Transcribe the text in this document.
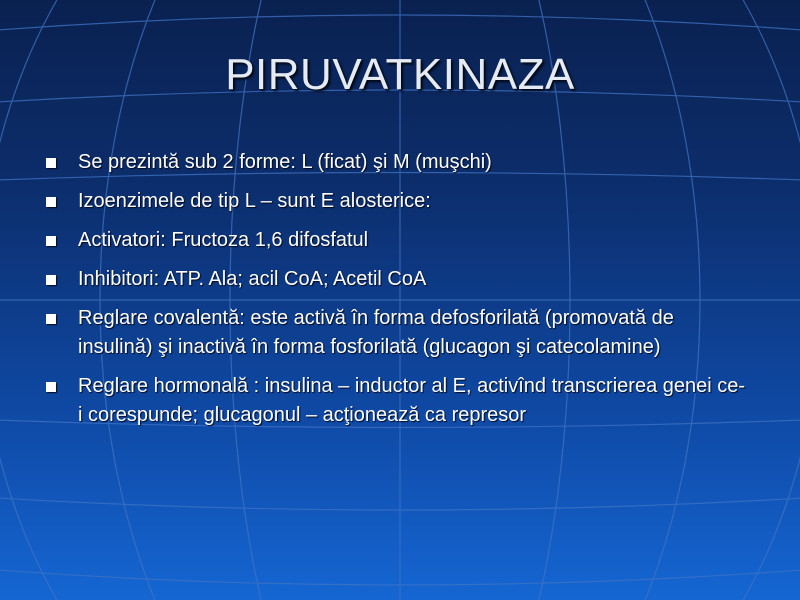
PIRUVATKINAZA
Se prezintă sub 2 forme: L (ficat) şi M (muşchi)
Izoenzimele de tip L – sunt E alosterice:
Activatori: Fructoza 1,6 difosfatul
Inhibitori: ATP. Ala; acil CoA; Acetil CoA
Reglare covalentă: este activă în forma defosforilată (promovată de insulină) şi inactivă în forma fosforilată (glucagon şi catecolamine)
Reglare hormonală : insulina – inductor al E, activînd transcrierea genei ce-i corespunde; glucagonul – acţionează ca represor
